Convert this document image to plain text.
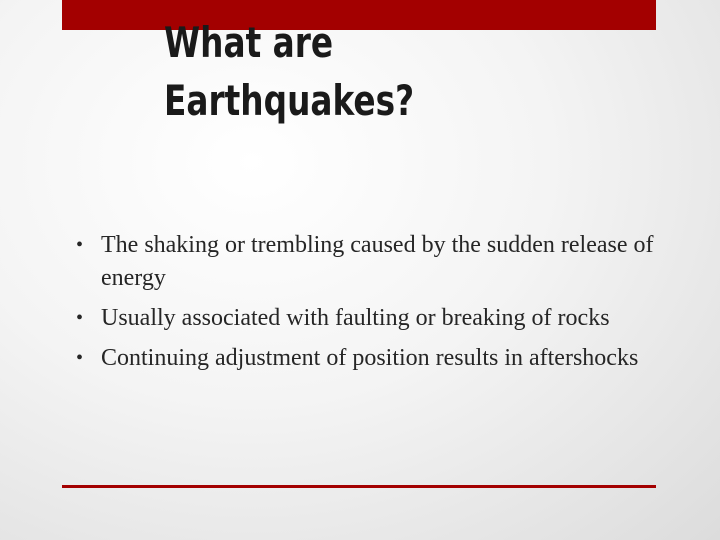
What are
Earthquakes?
• The shaking or trembling caused by the sudden release of energy
• Usually associated with faulting or breaking of rocks
• Continuing adjustment of position results in aftershocks
